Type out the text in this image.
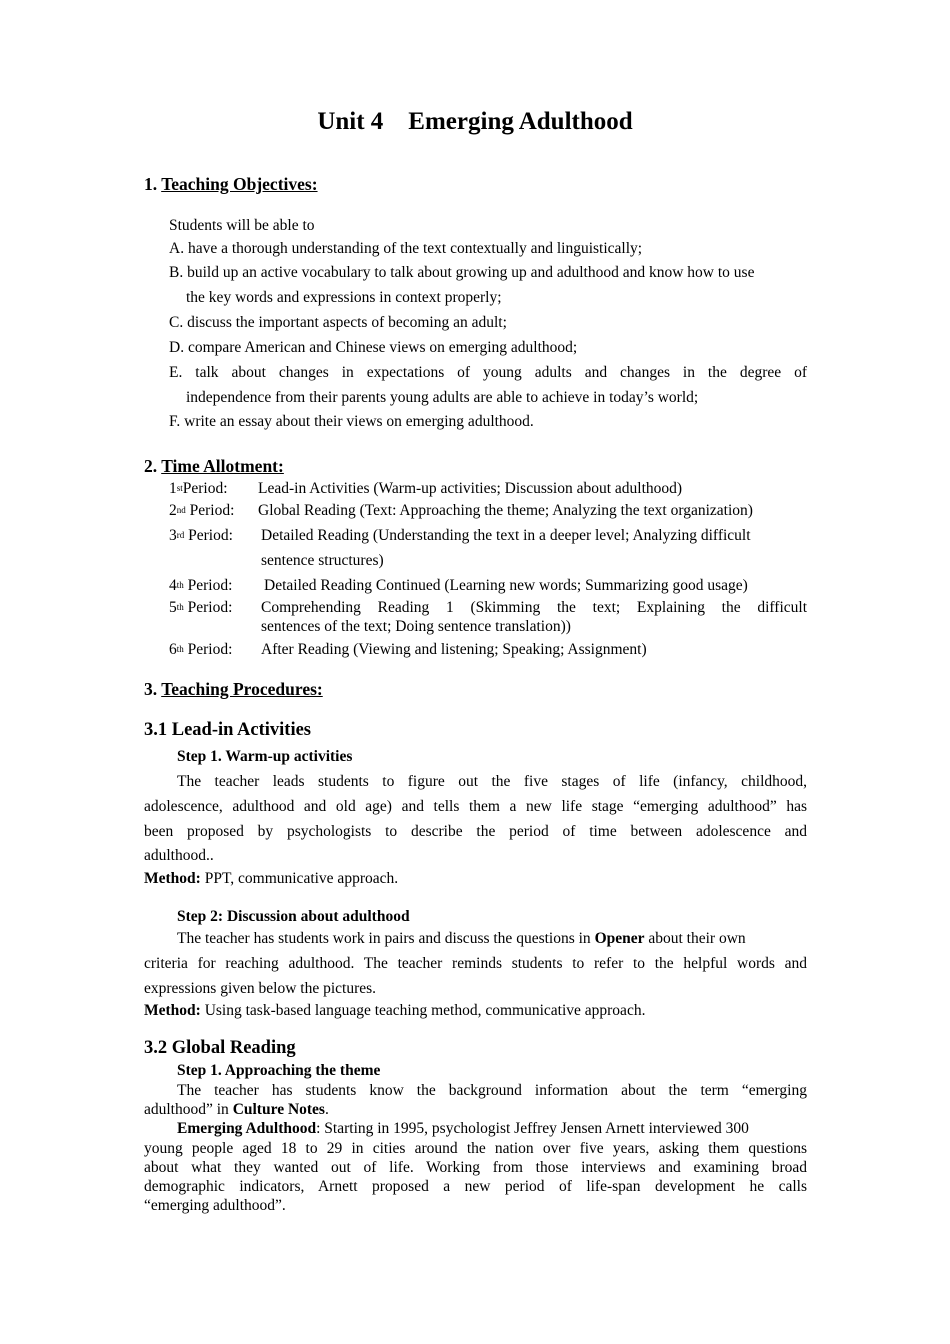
Unit 4    Emerging Adulthood
1. Teaching Objectives:
Students will be able to
A. have a thorough understanding of the text contextually and linguistically;
B. build up an active vocabulary to talk about growing up and adulthood and know how to use
the key words and expressions in context properly;
C. discuss the important aspects of becoming an adult;
D. compare American and Chinese views on emerging adulthood;
E. talk about changes in expectations of young adults and changes in the degree of
independence from their parents young adults are able to achieve in today’s world;
F. write an essay about their views on emerging adulthood.
2. Time Allotment:
1stPeriod: Lead-in Activities (Warm-up activities; Discussion about adulthood)
2nd Period: Global Reading (Text: Approaching the theme; Analyzing the text organization)
3rd Period: Detailed Reading (Understanding the text in a deeper level; Analyzing difficult
sentence structures)
4th Period: Detailed Reading Continued (Learning new words; Summarizing good usage)
5th Period: Comprehending Reading 1 (Skimming the text; Explaining the difficult
sentences of the text; Doing sentence translation))
6th Period: After Reading (Viewing and listening; Speaking; Assignment)
3. Teaching Procedures:
3.1 Lead-in Activities
Step 1. Warm-up activities
The teacher leads students to figure out the five stages of life (infancy, childhood,
adolescence, adulthood and old age) and tells them a new life stage “emerging adulthood” has
been proposed by psychologists to describe the period of time between adolescence and
adulthood..
Method: PPT, communicative approach.
Step 2: Discussion about adulthood
The teacher has students work in pairs and discuss the questions in Opener about their own
criteria for reaching adulthood. The teacher reminds students to refer to the helpful words and
expressions given below the pictures.
Method: Using task-based language teaching method, communicative approach.
3.2 Global Reading
Step 1. Approaching the theme
The teacher has students know the background information about the term “emerging
adulthood” in Culture Notes.
Emerging Adulthood: Starting in 1995, psychologist Jeffrey Jensen Arnett interviewed 300
young people aged 18 to 29 in cities around the nation over five years, asking them questions
about what they wanted out of life. Working from those interviews and examining broad
demographic indicators, Arnett proposed a new period of life-span development he calls
“emerging adulthood”.
